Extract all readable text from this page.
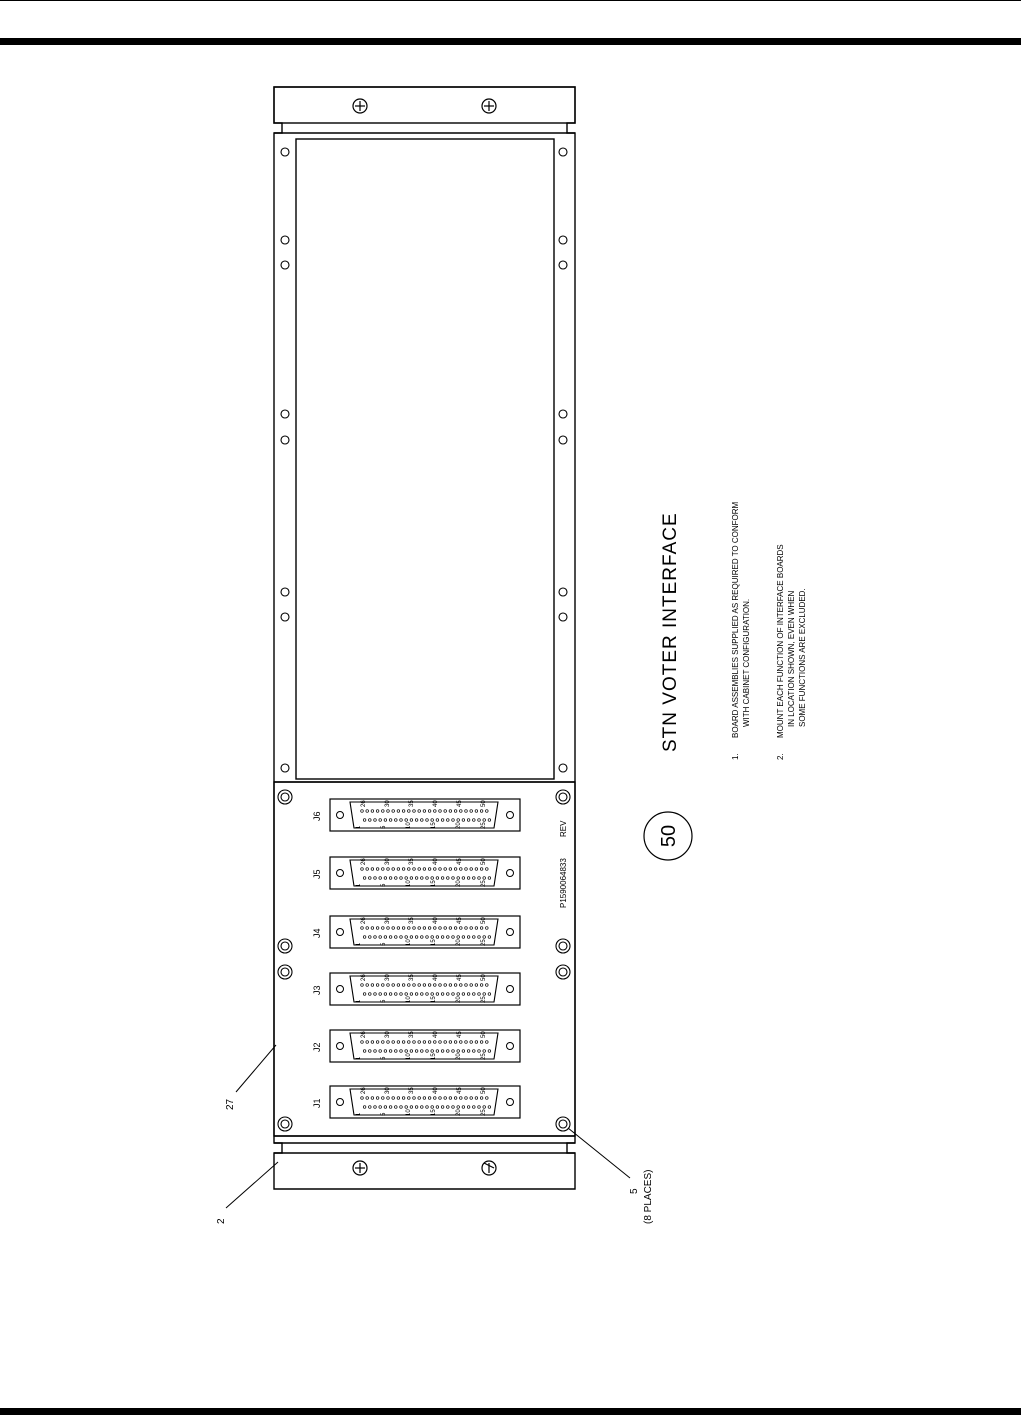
1	5	10	15	20	25
26	30	35	40	45	50
1	5	10	15	20	25
26	30	35	40	45	50
1	5	10	15	20	25
26	30	35	40	45	50
1	5	10	15	20	25
26	30	35	40	45	50
1	5	10	15	20	25
26	30	35	40	45	50
1	5	10	15	20	25
26	30	35	40	45	50
J1
J2
J3
J4
J5
J6
P1590064833
REV	50
STN VOTER INTERFACE
1.
BOARD ASSEMBLIES SUPPLIED AS REQUIRED TO CONFORM WITH CABINET CONFIGURATION.
2.
MOUNT EACH FUNCTION OF INTERFACE BOARDS IN LOCATION SHOWN, EVEN WHEN SOME FUNCTIONS ARE EXCLUDED.
27
2
5 (8 PLACES)
